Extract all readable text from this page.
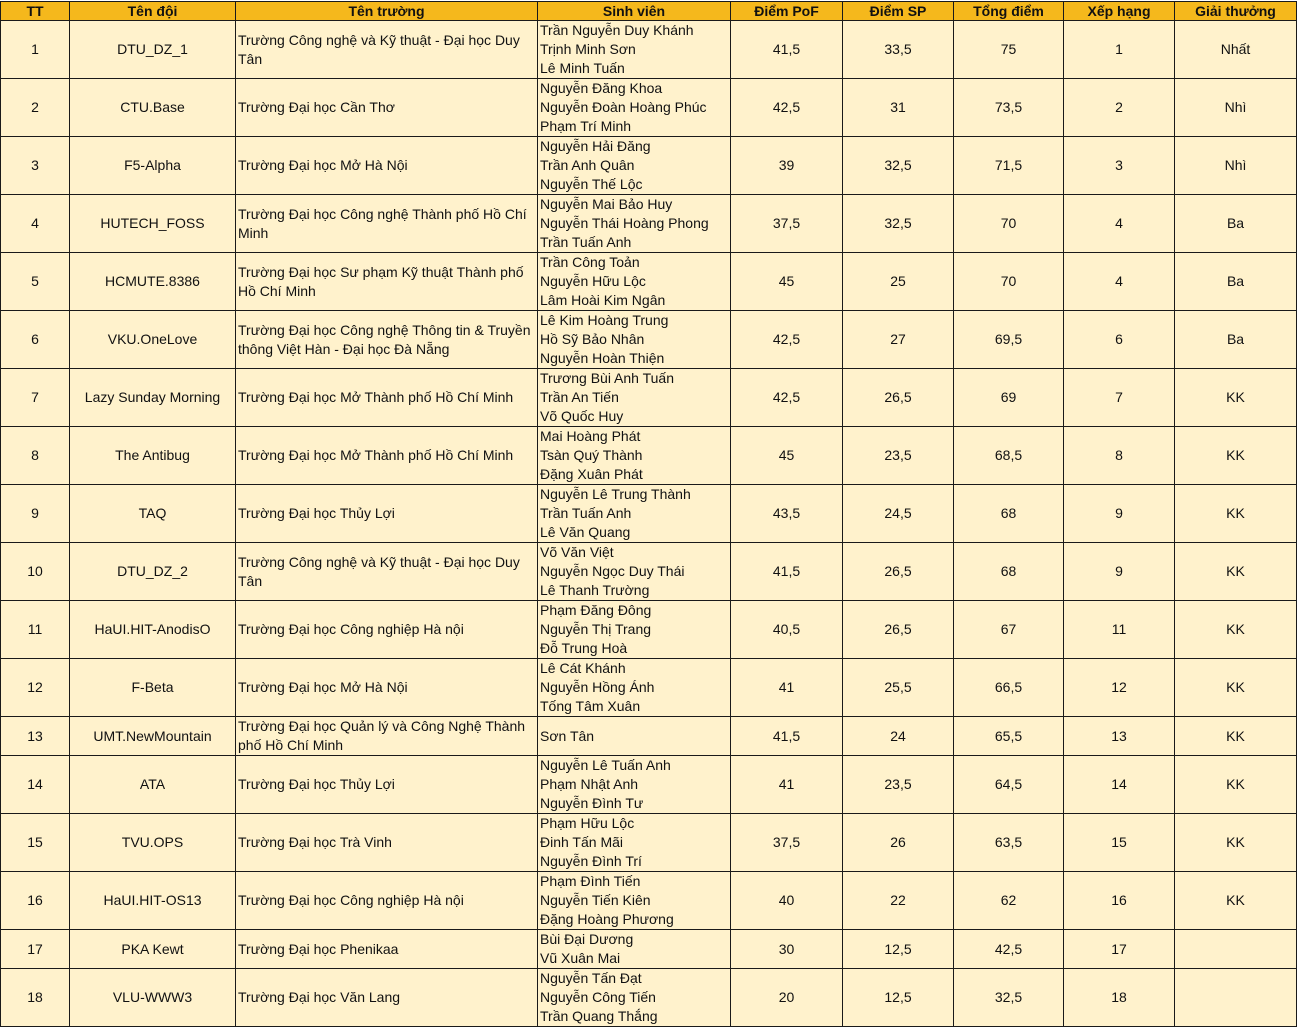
TT	Tên đội	Tên trường	Sinh viên	Điểm PoF	Điểm SP	Tổng điểm	Xếp hạng	Giải thưởng
1	DTU_DZ_1	Trường Công nghệ và Kỹ thuật - Đại học Duy Tân	Trần Nguyễn Duy Khánh
Trịnh Minh Sơn
Lê Minh Tuấn	41,5	33,5	75	1	Nhất
2	CTU.Base	Trường Đại học Cần Thơ	Nguyễn Đăng Khoa
Nguyễn Đoàn Hoàng Phúc
Phạm Trí Minh	42,5	31	73,5	2	Nhì
3	F5-Alpha	Trường Đại học Mở Hà Nội	Nguyễn Hải Đăng
Trần Anh Quân
Nguyễn Thế Lộc	39	32,5	71,5	3	Nhì
4	HUTECH_FOSS	Trường Đại học Công nghệ Thành phố Hồ Chí Minh	Nguyễn Mai Bảo Huy
Nguyễn Thái Hoàng Phong
Trần Tuấn Anh	37,5	32,5	70	4	Ba
5	HCMUTE.8386	Trường Đại học Sư phạm Kỹ thuật Thành phố Hồ Chí Minh	Trần Công Toản
Nguyễn Hữu Lộc
Lâm Hoài Kim Ngân	45	25	70	4	Ba
6	VKU.OneLove	Trường Đại học Công nghệ Thông tin & Truyền thông Việt Hàn - Đại học Đà Nẵng	Lê Kim Hoàng Trung
Hồ Sỹ Bảo Nhân
Nguyễn Hoàn Thiện	42,5	27	69,5	6	Ba
7	Lazy Sunday Morning	Trường Đại học Mở Thành phố Hồ Chí Minh	Trương Bùi Anh Tuấn
Trần An Tiến
Võ Quốc Huy	42,5	26,5	69	7	KK
8	The Antibug	Trường Đại học Mở Thành phố Hồ Chí Minh	Mai Hoàng Phát
Tsàn Quý Thành
Đặng Xuân Phát	45	23,5	68,5	8	KK
9	TAQ	Trường Đại học Thủy Lợi	Nguyễn Lê Trung Thành
Trần Tuấn Anh
Lê Văn Quang	43,5	24,5	68	9	KK
10	DTU_DZ_2	Trường Công nghệ và Kỹ thuật - Đại học Duy Tân	Võ Văn Việt
Nguyễn Ngọc Duy Thái
Lê Thanh Trường	41,5	26,5	68	9	KK
11	HaUI.HIT-AnodisO	Trường Đại học Công nghiệp Hà nội	Phạm Đăng Đông
Nguyễn Thị Trang
Đỗ Trung Hoà	40,5	26,5	67	11	KK
12	F-Beta	Trường Đại học Mở Hà Nội	Lê Cát Khánh
Nguyễn Hồng Ánh
Tống Tâm Xuân	41	25,5	66,5	12	KK
13	UMT.NewMountain	Trường Đại học Quản lý và Công Nghệ Thành phố Hồ Chí Minh	Sơn Tân	41,5	24	65,5	13	KK
14	ATA	Trường Đại học Thủy Lợi	Nguyễn Lê Tuấn Anh
Phạm Nhật Anh
Nguyễn Đình Tư	41	23,5	64,5	14	KK
15	TVU.OPS	Trường Đại học Trà Vinh	Phạm Hữu Lộc
Đinh Tấn Mãi
Nguyễn Đình Trí	37,5	26	63,5	15	KK
16	HaUI.HIT-OS13	Trường Đại học Công nghiệp Hà nội	Phạm Đình Tiến
Nguyễn Tiến Kiên
Đặng Hoàng Phương	40	22	62	16	KK
17	PKA Kewt	Trường Đại học Phenikaa	Bùi Đại Dương
Vũ Xuân Mai	30	12,5	42,5	17	
18	VLU-WWW3	Trường Đại học Văn Lang	Nguyễn Tấn Đạt
Nguyễn Công Tiến
Trần Quang Thắng	20	12,5	32,5	18	
